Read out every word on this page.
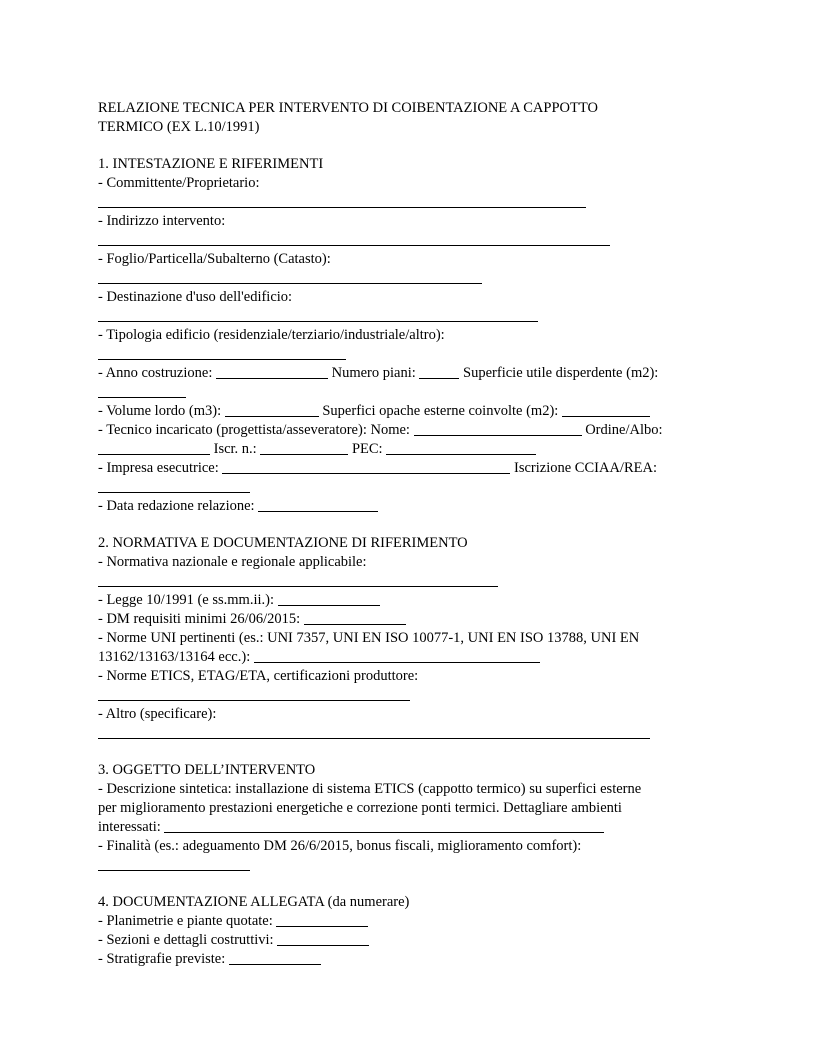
RELAZIONE TECNICA PER INTERVENTO DI COIBENTAZIONE A CAPPOTTO
TERMICO (EX L.10/1991)
1. INTESTAZIONE E RIFERIMENTI
- Committente/Proprietario:
- Indirizzo intervento:
- Foglio/Particella/Subalterno (Catasto):
- Destinazione d'uso dell'edificio:
- Tipologia edificio (residenziale/terziario/industriale/altro):
- Anno costruzione:	Numero piani:	Superficie utile disperdente (m2):
- Volume lordo (m3):	Superfici opache esterne coinvolte (m2):
- Tecnico incaricato (progettista/asseveratore): Nome:	Ordine/Albo:
Iscr. n.:	PEC:
- Impresa esecutrice:	Iscrizione CCIAA/REA:
- Data redazione relazione:
2. NORMATIVA E DOCUMENTAZIONE DI RIFERIMENTO
- Normativa nazionale e regionale applicabile:
- Legge 10/1991 (e ss.mm.ii.):
- DM requisiti minimi 26/06/2015:
- Norme UNI pertinenti (es.: UNI 7357, UNI EN ISO 10077-1, UNI EN ISO 13788, UNI EN
13162/13163/13164 ecc.):
- Norme ETICS, ETAG/ETA, certificazioni produttore:
- Altro (specificare):
3. OGGETTO DELL’INTERVENTO
- Descrizione sintetica: installazione di sistema ETICS (cappotto termico) su superfici esterne
per miglioramento prestazioni energetiche e correzione ponti termici. Dettagliare ambienti
interessati:
- Finalità (es.: adeguamento DM 26/6/2015, bonus fiscali, miglioramento comfort):
4. DOCUMENTAZIONE ALLEGATA (da numerare)
- Planimetrie e piante quotate:
- Sezioni e dettagli costruttivi:
- Stratigrafie previste:
